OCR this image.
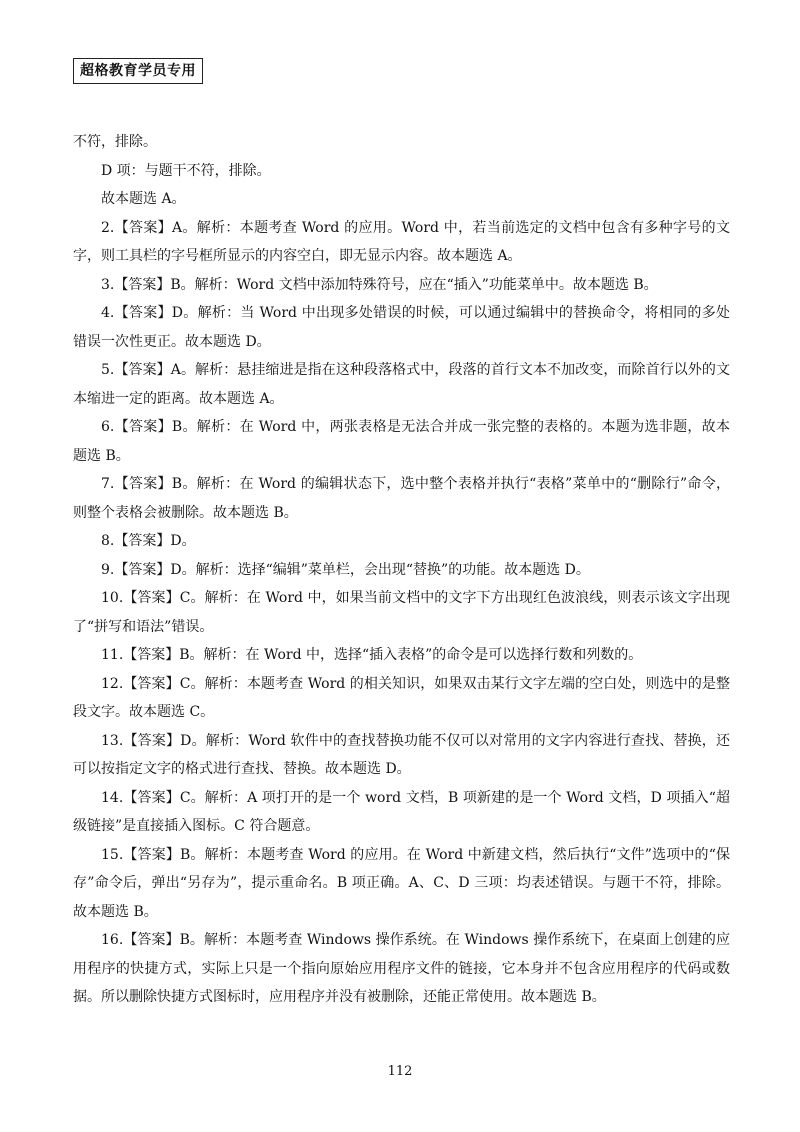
超格教育学员专用

不符，排除。

D 项：与题干不符，排除。

故本题选 A。

2.【答案】A。解析：本题考查 Word 的应用。Word 中，若当前选定的文档中包含有多种字号的文字，则工具栏的字号框所显示的内容空白，即无显示内容。故本题选 A。

3.【答案】B。解析：Word 文档中添加特殊符号，应在“插入”功能菜单中。故本题选 B。

4.【答案】D。解析：当 Word 中出现多处错误的时候，可以通过编辑中的替换命令，将相同的多处错误一次性更正。故本题选 D。

5.【答案】A。解析：悬挂缩进是指在这种段落格式中，段落的首行文本不加改变，而除首行以外的文本缩进一定的距离。故本题选 A。

6.【答案】B。解析：在 Word 中，两张表格是无法合并成一张完整的表格的。本题为选非题，故本题选 B。

7.【答案】B。解析：在 Word 的编辑状态下，选中整个表格并执行“表格”菜单中的“删除行”命令，则整个表格会被删除。故本题选 B。

8.【答案】D。

9.【答案】D。解析：选择“编辑”菜单栏，会出现“替换”的功能。故本题选 D。

10.【答案】C。解析：在 Word 中，如果当前文档中的文字下方出现红色波浪线，则表示该文字出现了“拼写和语法”错误。

11.【答案】B。解析：在 Word 中，选择“插入表格”的命令是可以选择行数和列数的。

12.【答案】C。解析：本题考查 Word 的相关知识，如果双击某行文字左端的空白处，则选中的是整段文字。故本题选 C。

13.【答案】D。解析：Word 软件中的查找替换功能不仅可以对常用的文字内容进行查找、替换，还可以按指定文字的格式进行查找、替换。故本题选 D。

14.【答案】C。解析：A 项打开的是一个 word 文档，B 项新建的是一个 Word 文档，D 项插入“超级链接”是直接插入图标。C 符合题意。

15.【答案】B。解析：本题考查 Word 的应用。在 Word 中新建文档，然后执行“文件”选项中的“保存”命令后，弹出“另存为”，提示重命名。B 项正确。A、C、D 三项：均表述错误。与题干不符，排除。故本题选 B。

16.【答案】B。解析：本题考查 Windows 操作系统。在 Windows 操作系统下，在桌面上创建的应用程序的快捷方式，实际上只是一个指向原始应用程序文件的链接，它本身并不包含应用程序的代码或数据。所以删除快捷方式图标时，应用程序并没有被删除，还能正常使用。故本题选 B。

112
